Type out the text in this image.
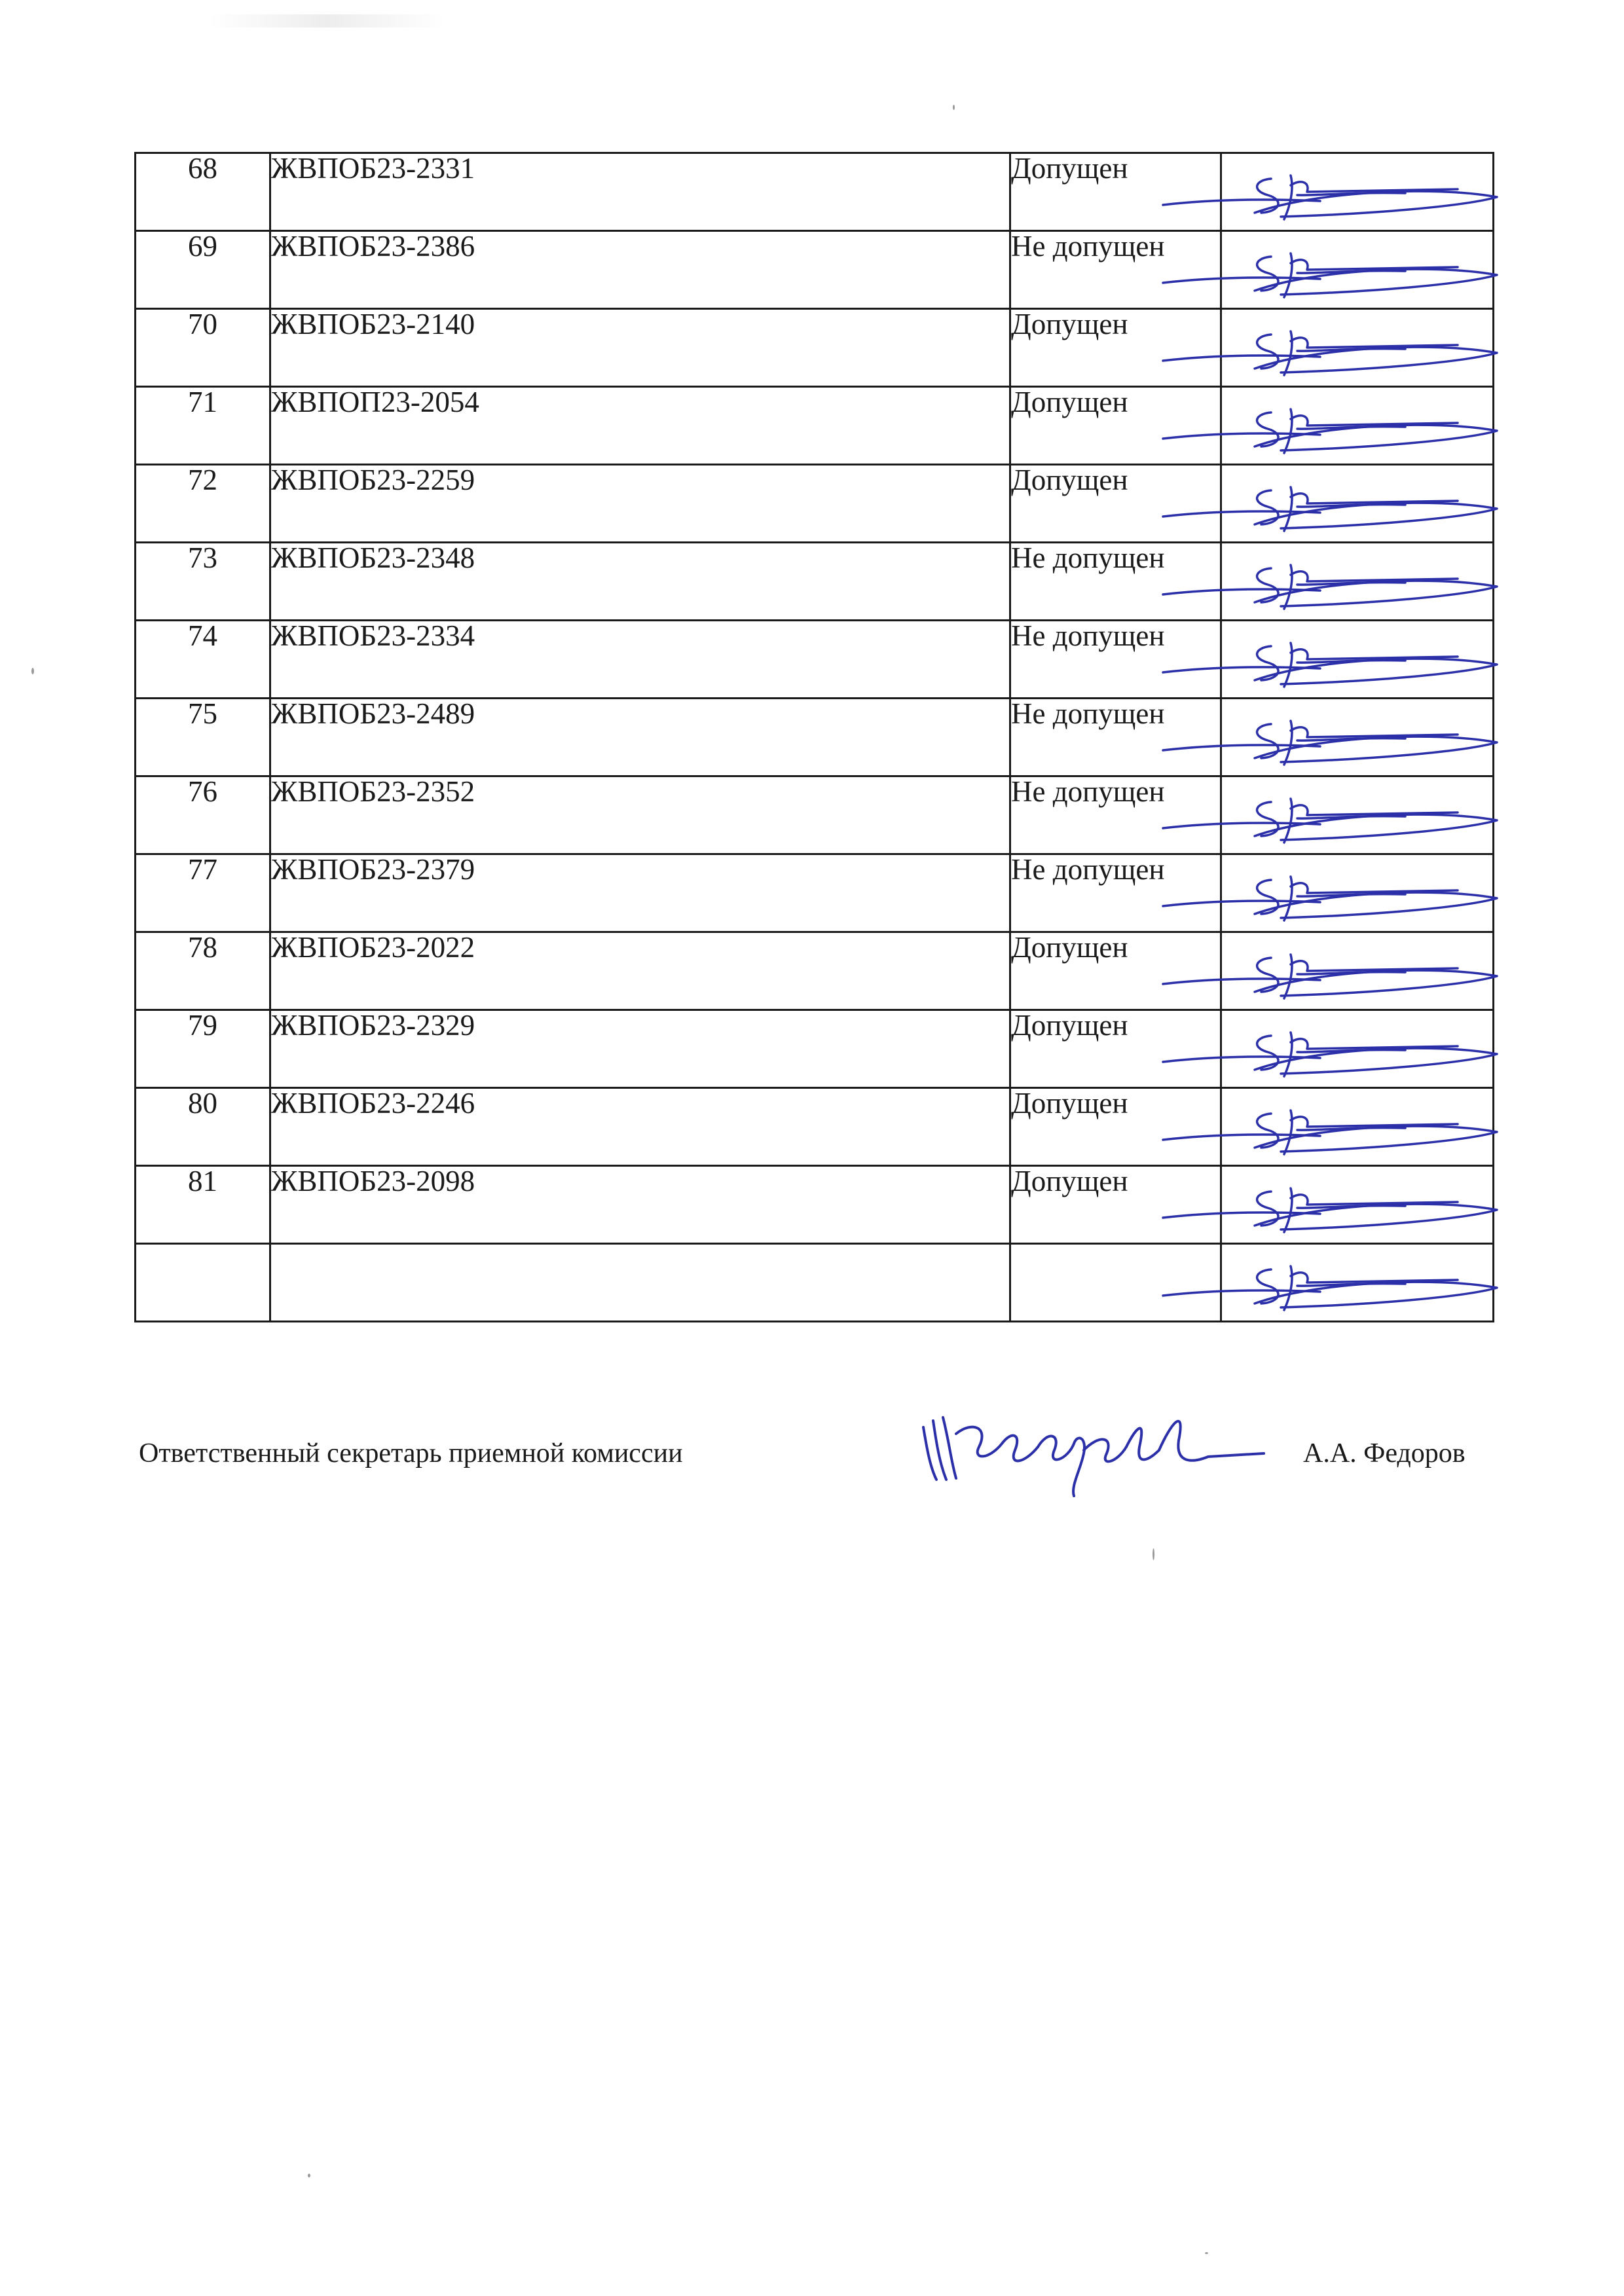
68	ЖВПОБ23-2331	Допущен	

69	ЖВПОБ23-2386	Не допущен	

70	ЖВПОБ23-2140	Допущен	

71	ЖВПОП23-2054	Допущен	

72	ЖВПОБ23-2259	Допущен	

73	ЖВПОБ23-2348	Не допущен	

74	ЖВПОБ23-2334	Не допущен	

75	ЖВПОБ23-2489	Не допущен	

76	ЖВПОБ23-2352	Не допущен	

77	ЖВПОБ23-2379	Не допущен	

78	ЖВПОБ23-2022	Допущен	

79	ЖВПОБ23-2329	Допущен	

80	ЖВПОБ23-2246	Допущен	

81	ЖВПОБ23-2098	Допущен	

Ответственный секретарь приемной комиссии	А.А. Федоров
